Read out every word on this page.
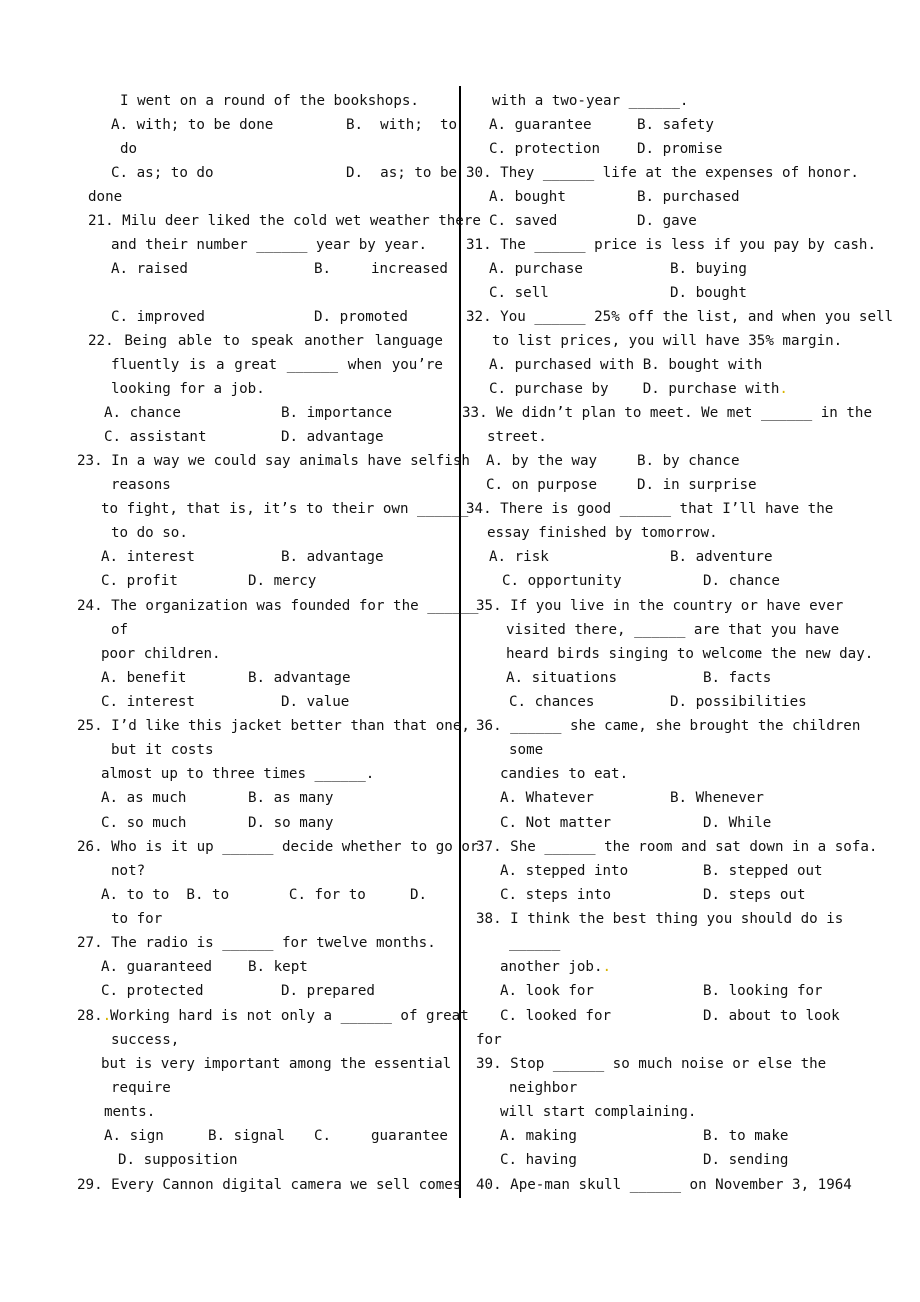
I went on a round of the bookshops.
A. with; to be done	B.  with;  to
do
C. as; to do	D.  as; to be
done
21. Milu deer liked the cold wet weather there
and their number ______ year by year.
A. raised	B.	increased
C. improved	D. promoted
22. Being able to speak another language
fluently is a great ______ when you’re
looking for a job.
A. chance	B. importance
C. assistant	D. advantage
23. In a way we could say animals have selfish
reasons
to fight, that is, it’s to their own ______
to do so.
A. interest	B. advantage
C. profit	D. mercy
24. The organization was founded for the ______
of
poor children.
A. benefit	B. advantage
C. interest	D. value
25. I’d like this jacket better than that one,
but it costs
almost up to three times ______.
A. as much	B. as many
C. so much	D. so many
26. Who is it up ______ decide whether to go or
not?
A. to to  B. to       C. for to	D.
to for
27. The radio is ______ for twelve months.
A. guaranteed	B. kept
C. protected	D. prepared
28..
Working hard is not only a ______ of great
success,
but is very important among the essential
require
ments.
A. sign	B. signal C.	guarantee
D. supposition
29. Every Cannon digital camera we sell comes
with a two-year ______.
A. guarantee	B. safety
C. protection	D. promise
30. They ______ life at the expenses of honor.
A. bought	B. purchased
C. saved	D. gave
31. The ______ price is less if you pay by cash.
A. purchase	B. buying
C. sell	D. bought
32. You ______ 25% off the list, and when you sell
to list prices, you will have 35% margin.
A. purchased with B. bought with
C. purchase by    D. purchase with.
33. We didn’t plan to meet. We met ______ in the
street.
A. by the way	B. by chance
C. on purpose	D. in surprise
34. There is good ______ that I’ll have the
essay finished by tomorrow.
A. risk	B. adventure
C. opportunity	D. chance
35. If you live in the country or have ever
visited there, ______ are that you have
heard birds singing to welcome the new day.
A. situations	B. facts
C. chances	D. possibilities
36. ______ she came, she brought the children
some
candies to eat.
A. Whatever	B. Whenever
C. Not matter	D. While
37. She ______ the room and sat down in a sofa.
A. stepped into	B. stepped out
C. steps into	D. steps out
38. I think the best thing you should do is
______
another job..
A. look for	B. looking for
C. looked for	D. about to look
for
39. Stop ______ so much noise or else the
neighbor
will start complaining.
A. making	B. to make
C. having	D. sending
40. Ape-man skull ______ on November 3, 1964
